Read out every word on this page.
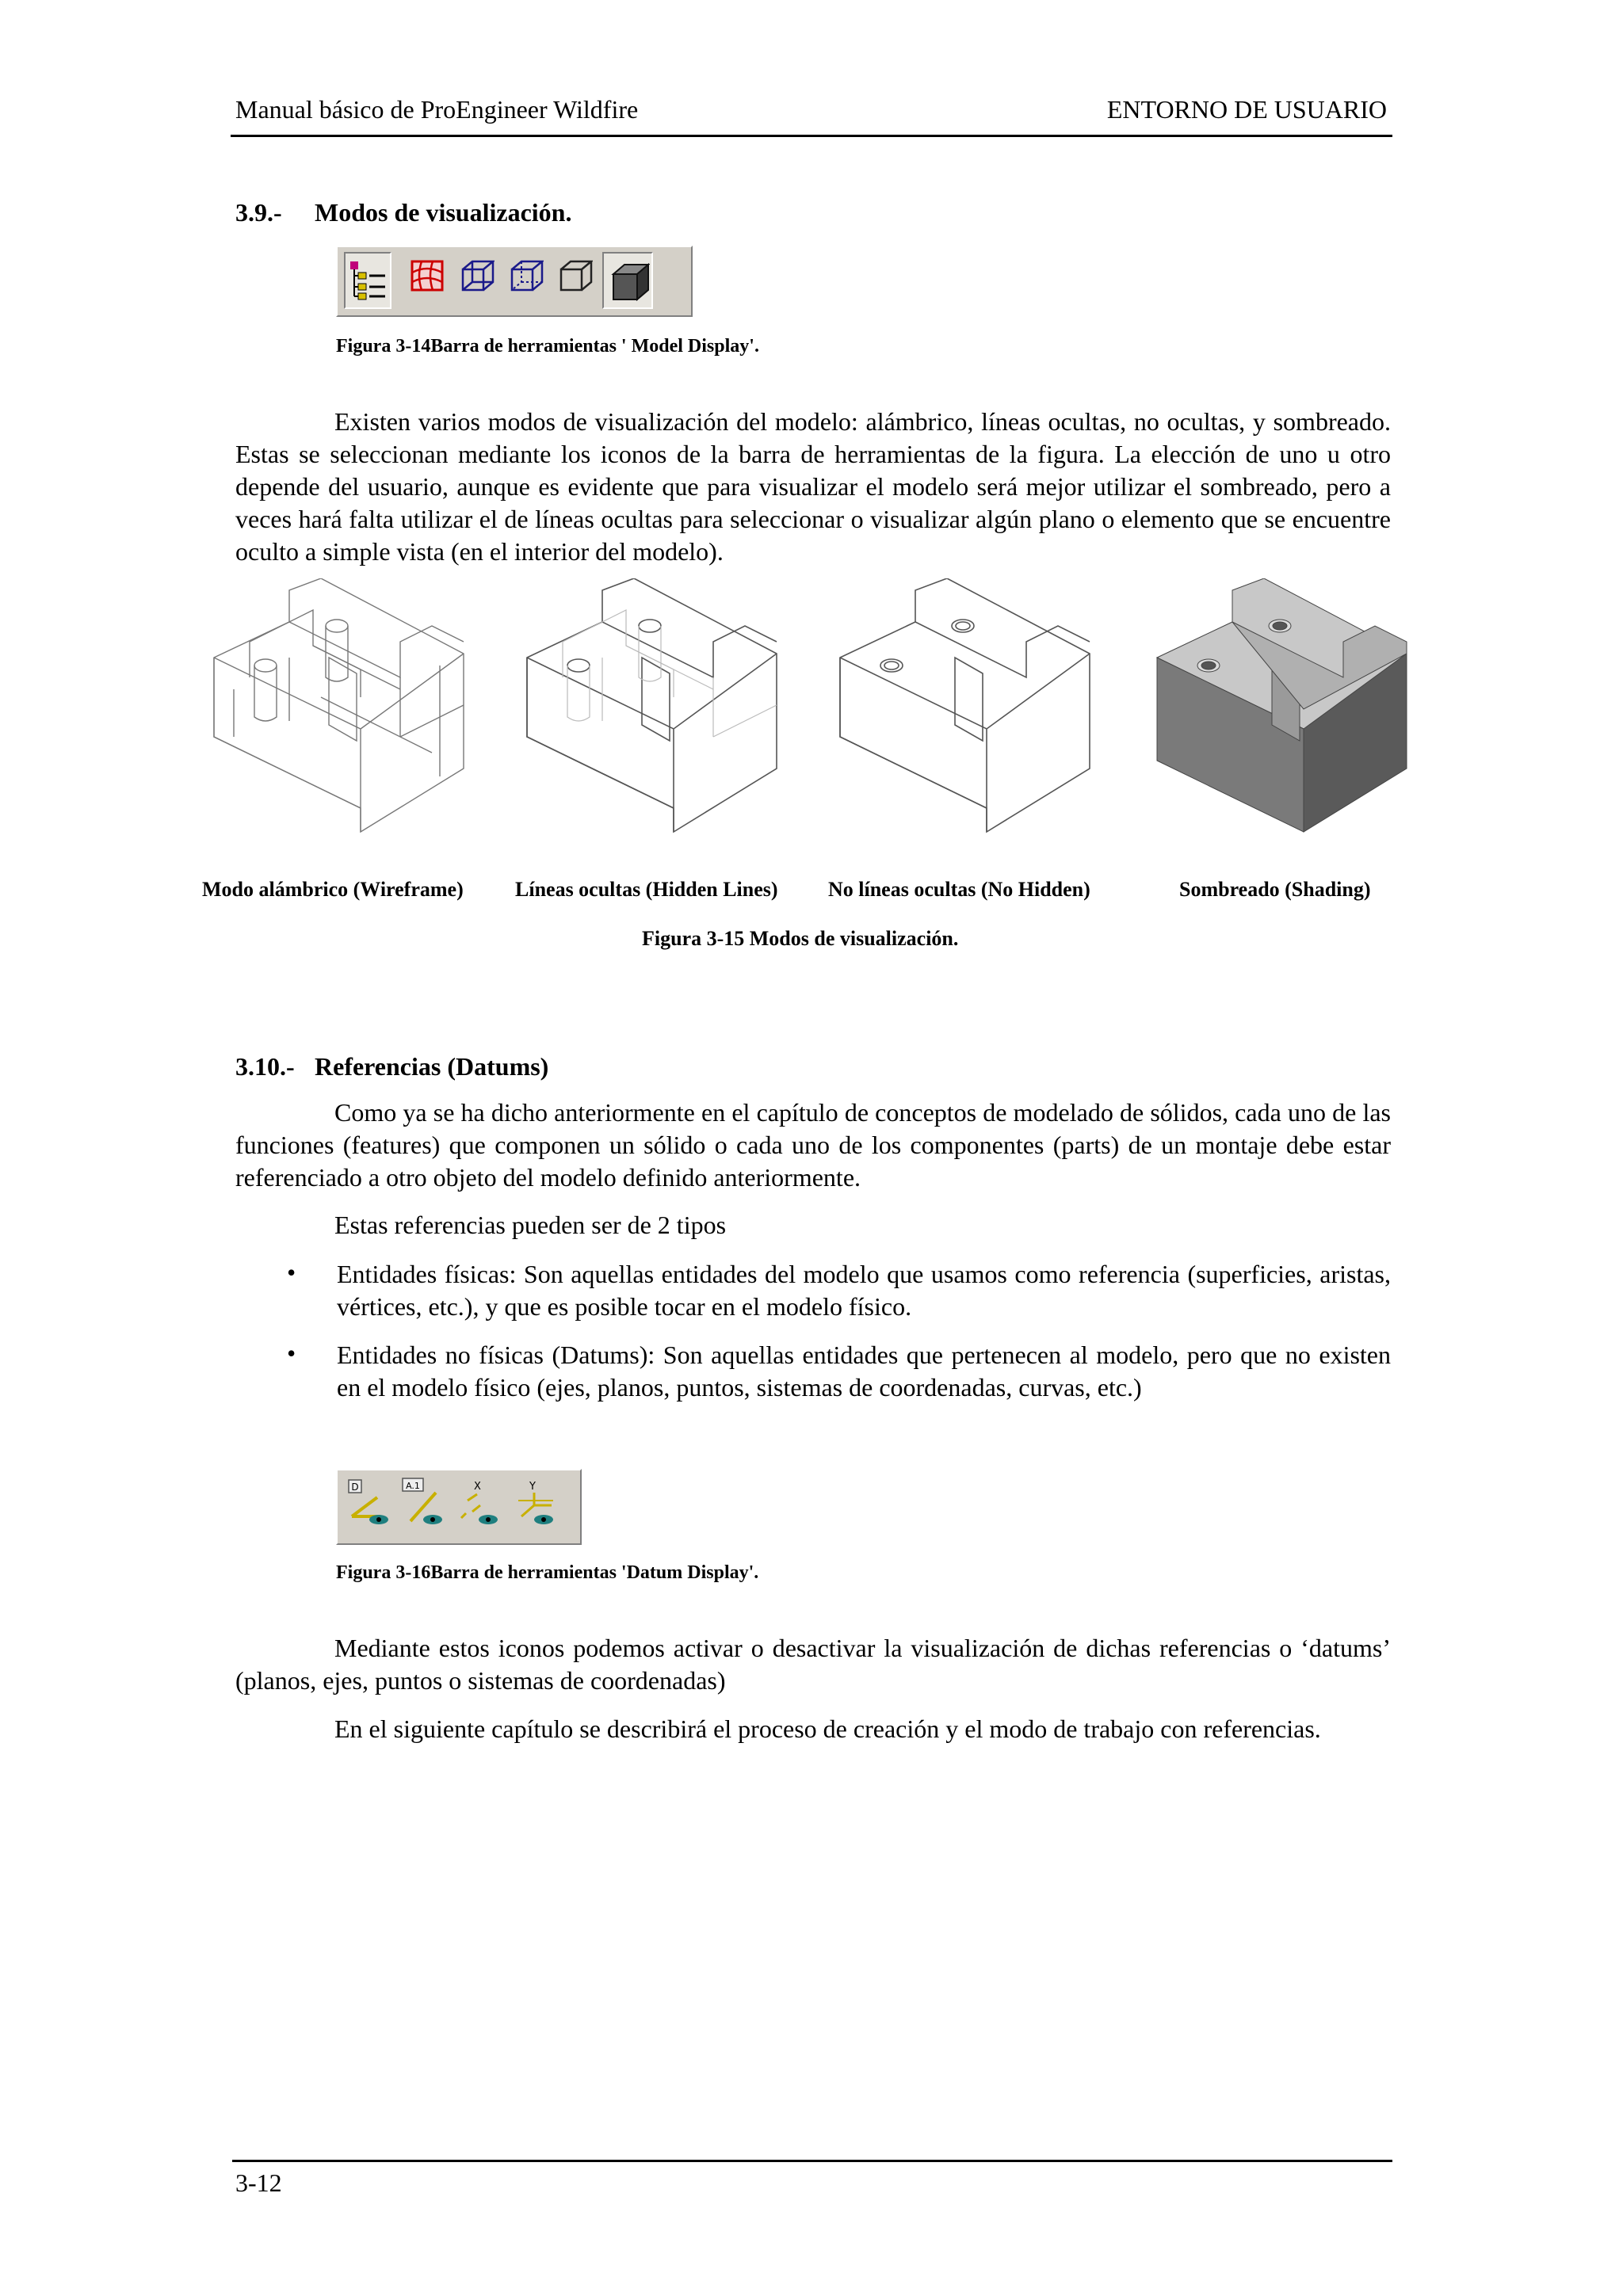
Manual básico de ProEngineer Wildfire	ENTORNO DE USUARIO
3.9.- Modos de visualización.
Figura 3-14Barra de herramientas ' Model Display'.
Existen varios modos de visualización del modelo: alámbrico, líneas ocultas, no ocultas, y sombreado. Estas se seleccionan mediante los iconos de la barra de herramientas de la figura. La elección de uno u otro depende del usuario, aunque es evidente que para visualizar el modelo será mejor utilizar el sombreado, pero a veces hará falta utilizar el de líneas ocultas para seleccionar o visualizar algún plano o elemento que se encuentre oculto a simple vista (en el interior del modelo).
Modo alámbrico (Wireframe)	Líneas ocultas (Hidden Lines) No líneas ocultas (No Hidden)	Sombreado (Shading)
Figura 3-15 Modos de visualización.
3.10.- Referencias (Datums)
Como ya se ha dicho anteriormente en el capítulo de conceptos de modelado de sólidos, cada uno de las funciones (features) que componen un sólido o cada uno de los componentes (parts) de un montaje debe estar referenciado a otro objeto del modelo definido anteriormente.
Estas referencias pueden ser de 2 tipos
• Entidades físicas: Son aquellas entidades del modelo que usamos como referencia (superficies, aristas, vértices, etc.), y que es posible tocar en el modelo físico.
• Entidades no físicas (Datums): Son aquellas entidades que pertenecen al modelo, pero que no existen en el modelo físico (ejes, planos, puntos, sistemas de coordenadas, curvas, etc.)
D	A.1	X	Y
Figura 3-16Barra de herramientas 'Datum Display'.
Mediante estos iconos podemos activar o desactivar la visualización de dichas referencias o ‘datums’ (planos, ejes, puntos o sistemas de coordenadas)
En el siguiente capítulo se describirá el proceso de creación y el modo de trabajo con referencias.
3-12
